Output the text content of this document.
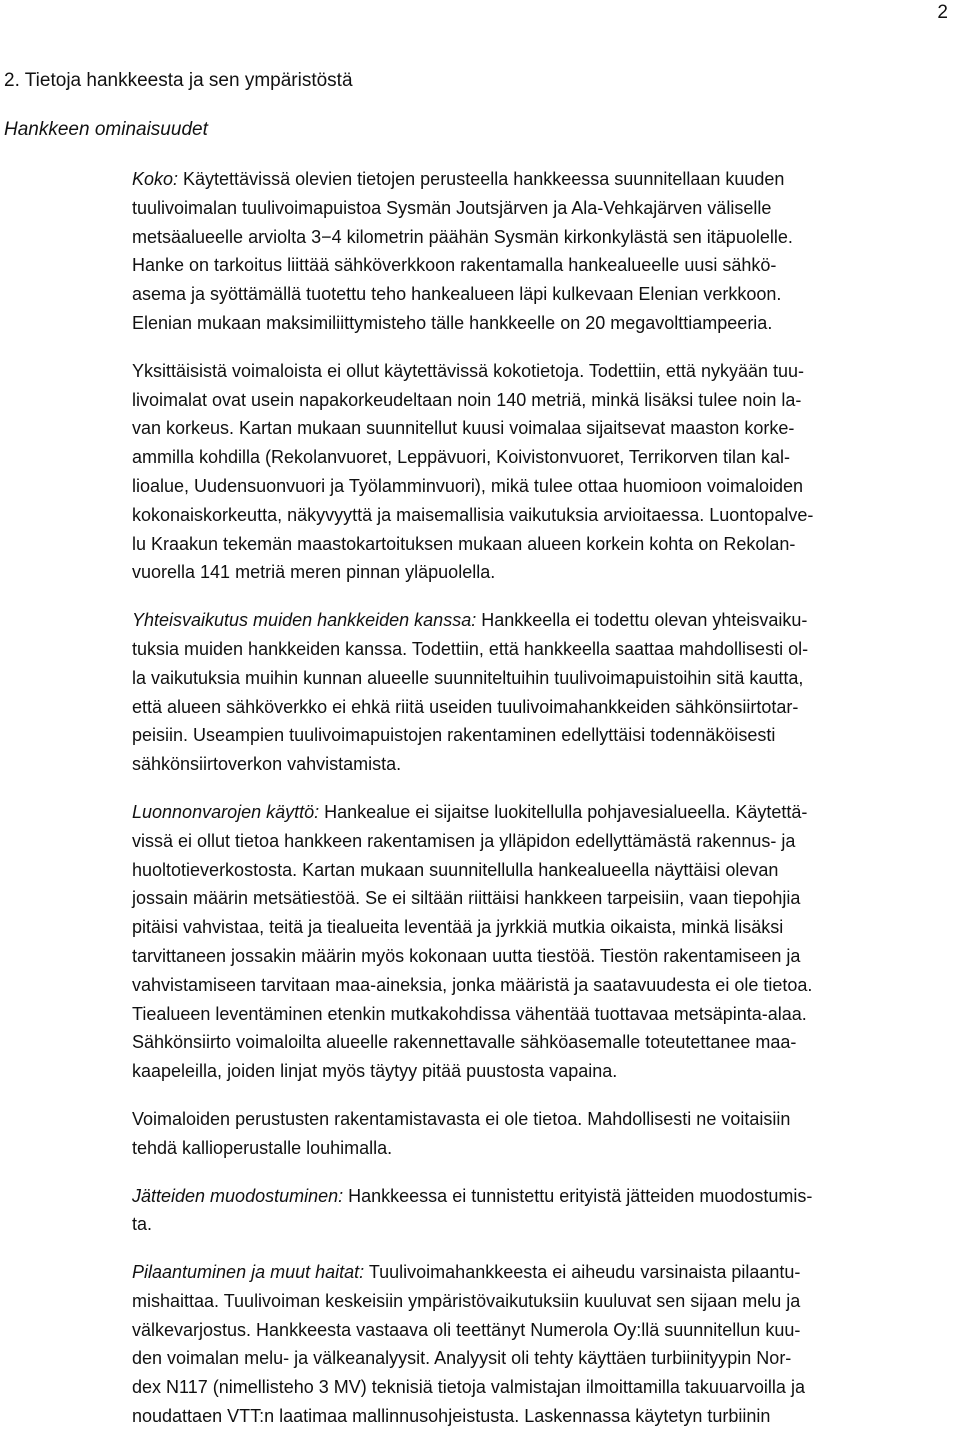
2
2. Tietoja hankkeesta ja sen ympäristöstä
Hankkeen ominaisuudet

Koko: Käytettävissä olevien tietojen perusteella hankkeessa suunnitellaan kuuden
tuulivoimalan tuulivoimapuistoa Sysmän Joutsjärven ja Ala-Vehkajärven väliselle
metsäalueelle arviolta 3−4 kilometrin päähän Sysmän kirkonkylästä sen itäpuolelle.
Hanke on tarkoitus liittää sähköverkkoon rakentamalla hankealueelle uusi sähkö-
asema ja syöttämällä tuotettu teho hankealueen läpi kulkevaan Elenian verkkoon.
Elenian mukaan maksimiliittymisteho tälle hankkeelle on 20 megavolttiampeeria.

Yksittäisistä voimaloista ei ollut käytettävissä kokotietoja. Todettiin, että nykyään tuu-
livoimalat ovat usein napakorkeudeltaan noin 140 metriä, minkä lisäksi tulee noin la-
van korkeus. Kartan mukaan suunnitellut kuusi voimalaa sijaitsevat maaston korke-
ammilla kohdilla (Rekolanvuoret, Leppävuori, Koivistonvuoret, Terrikorven tilan kal-
lioalue, Uudensuonvuori ja Työlamminvuori), mikä tulee ottaa huomioon voimaloiden
kokonaiskorkeutta, näkyvyyttä ja maisemallisia vaikutuksia arvioitaessa. Luontopalve-
lu Kraakun tekemän maastokartoituksen mukaan alueen korkein kohta on Rekolan-
vuorella 141 metriä meren pinnan yläpuolella.

Yhteisvaikutus muiden hankkeiden kanssa: Hankkeella ei todettu olevan yhteisvaiku-
tuksia muiden hankkeiden kanssa. Todettiin, että hankkeella saattaa mahdollisesti ol-
la vaikutuksia muihin kunnan alueelle suunniteltuihin tuulivoimapuistoihin sitä kautta,
että alueen sähköverkko ei ehkä riitä useiden tuulivoimahankkeiden sähkönsiirtotar-
peisiin. Useampien tuulivoimapuistojen rakentaminen edellyttäisi todennäköisesti
sähkönsiirtoverkon vahvistamista.

Luonnonvarojen käyttö: Hankealue ei sijaitse luokitellulla pohjavesialueella. Käytettä-
vissä ei ollut tietoa hankkeen rakentamisen ja ylläpidon edellyttämästä rakennus- ja
huoltotieverkostosta. Kartan mukaan suunnitellulla hankealueella näyttäisi olevan
jossain määrin metsätiestöä. Se ei siltään riittäisi hankkeen tarpeisiin, vaan tiepohjia
pitäisi vahvistaa, teitä ja tiealueita leventää ja jyrkkiä mutkia oikaista, minkä lisäksi
tarvittaneen jossakin määrin myös kokonaan uutta tiestöä. Tiestön rakentamiseen ja
vahvistamiseen tarvitaan maa-aineksia, jonka määristä ja saatavuudesta ei ole tietoa.
Tiealueen leventäminen etenkin mutkakohdissa vähentää tuottavaa metsäpinta-alaa.
Sähkönsiirto voimaloilta alueelle rakennettavalle sähköasemalle toteutettanee maa-
kaapeleilla, joiden linjat myös täytyy pitää puustosta vapaina.

Voimaloiden perustusten rakentamistavasta ei ole tietoa. Mahdollisesti ne voitaisiin
tehdä kallioperustalle louhimalla.

Jätteiden muodostuminen: Hankkeessa ei tunnistettu erityistä jätteiden muodostumis-
ta.

Pilaantuminen ja muut haitat: Tuulivoimahankkeesta ei aiheudu varsinaista pilaantu-
mishaittaa. Tuulivoiman keskeisiin ympäristövaikutuksiin kuuluvat sen sijaan melu ja
välkevarjostus. Hankkeesta vastaava oli teettänyt Numerola Oy:llä suunnitellun kuu-
den voimalan melu- ja välkeanalyysit. Analyysit oli tehty käyttäen turbiinityypin Nor-
dex N117 (nimellisteho 3 MV) teknisiä tietoja valmistajan ilmoittamilla takuuarvoilla ja
noudattaen VTT:n laatimaa mallinnusohjeistusta. Laskennassa käytetyn turbiinin
